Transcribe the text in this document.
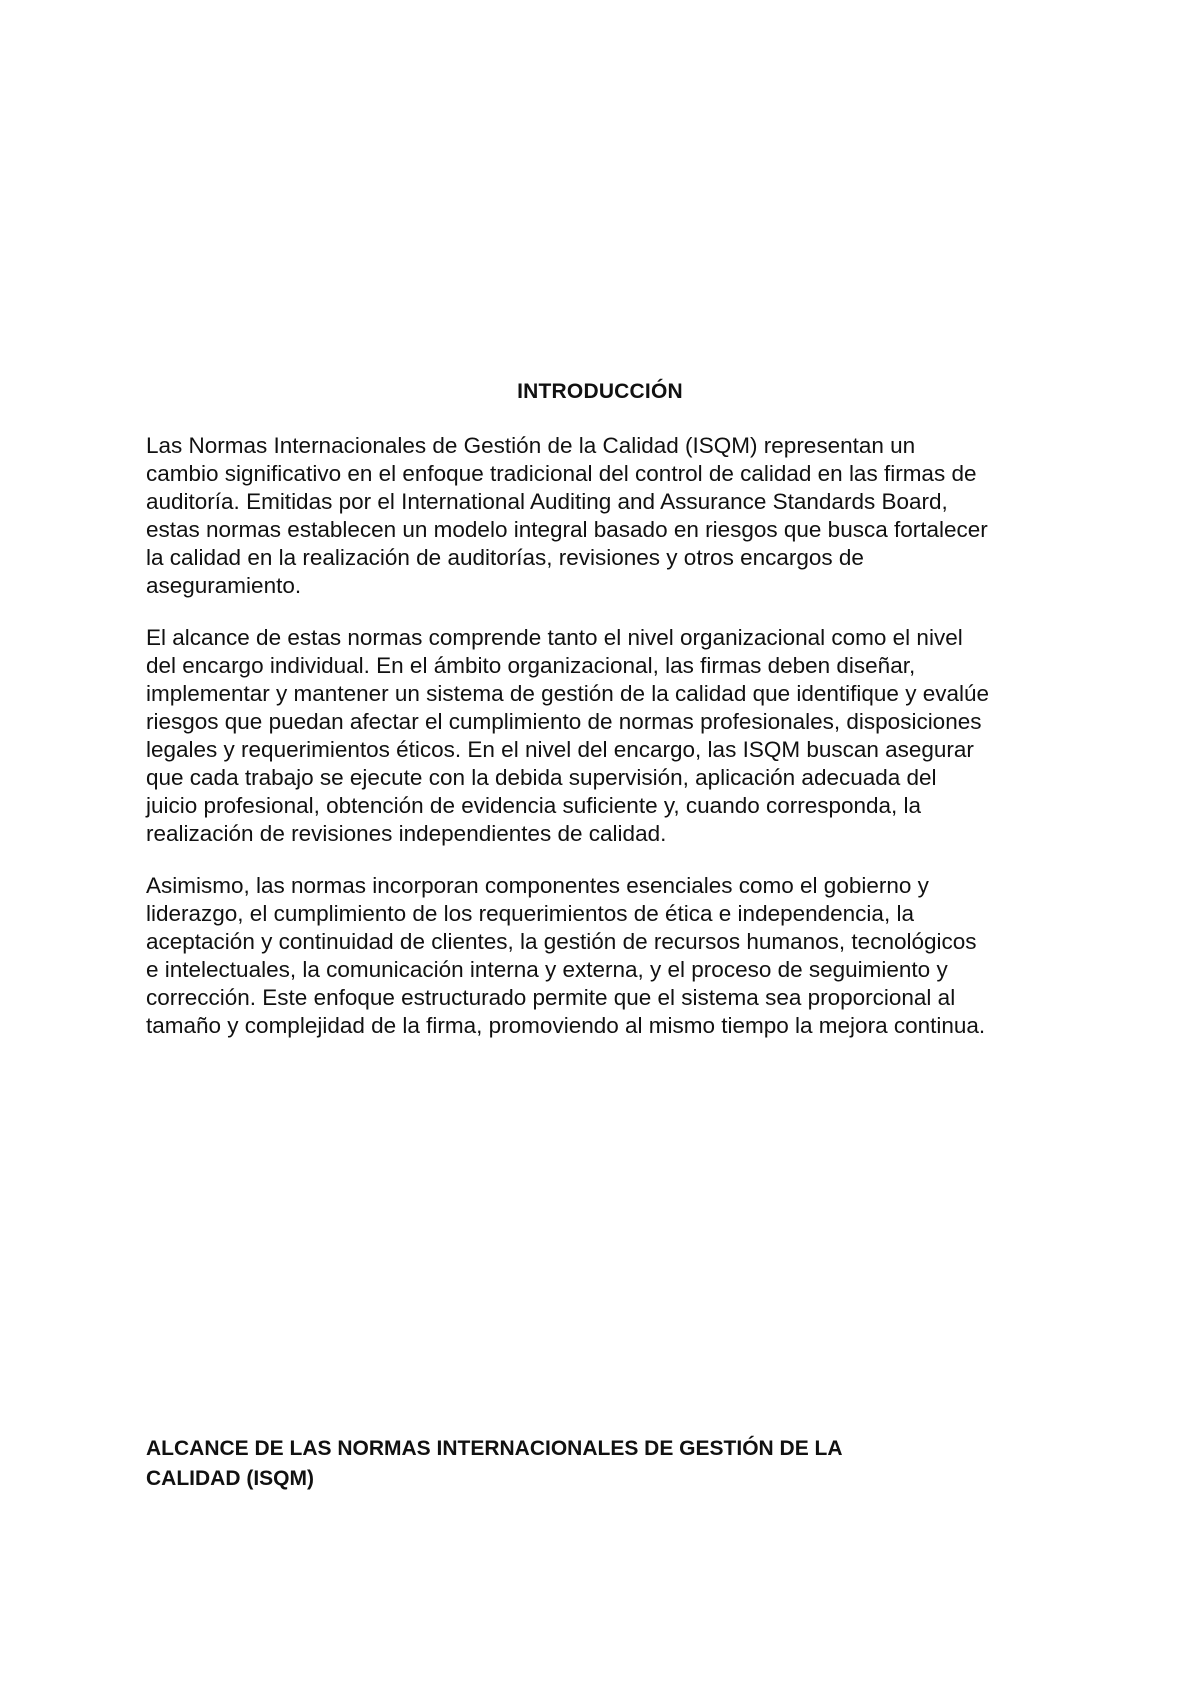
INTRODUCCIÓN

Las Normas Internacionales de Gestión de la Calidad (ISQM) representan un
cambio significativo en el enfoque tradicional del control de calidad en las firmas de
auditoría. Emitidas por el International Auditing and Assurance Standards Board,
estas normas establecen un modelo integral basado en riesgos que busca fortalecer
la calidad en la realización de auditorías, revisiones y otros encargos de
aseguramiento.

El alcance de estas normas comprende tanto el nivel organizacional como el nivel
del encargo individual. En el ámbito organizacional, las firmas deben diseñar,
implementar y mantener un sistema de gestión de la calidad que identifique y evalúe
riesgos que puedan afectar el cumplimiento de normas profesionales, disposiciones
legales y requerimientos éticos. En el nivel del encargo, las ISQM buscan asegurar
que cada trabajo se ejecute con la debida supervisión, aplicación adecuada del
juicio profesional, obtención de evidencia suficiente y, cuando corresponda, la
realización de revisiones independientes de calidad.

Asimismo, las normas incorporan componentes esenciales como el gobierno y
liderazgo, el cumplimiento de los requerimientos de ética e independencia, la
aceptación y continuidad de clientes, la gestión de recursos humanos, tecnológicos
e intelectuales, la comunicación interna y externa, y el proceso de seguimiento y
corrección. Este enfoque estructurado permite que el sistema sea proporcional al
tamaño y complejidad de la firma, promoviendo al mismo tiempo la mejora continua.

ALCANCE DE LAS NORMAS INTERNACIONALES DE GESTIÓN DE LA
CALIDAD (ISQM)
